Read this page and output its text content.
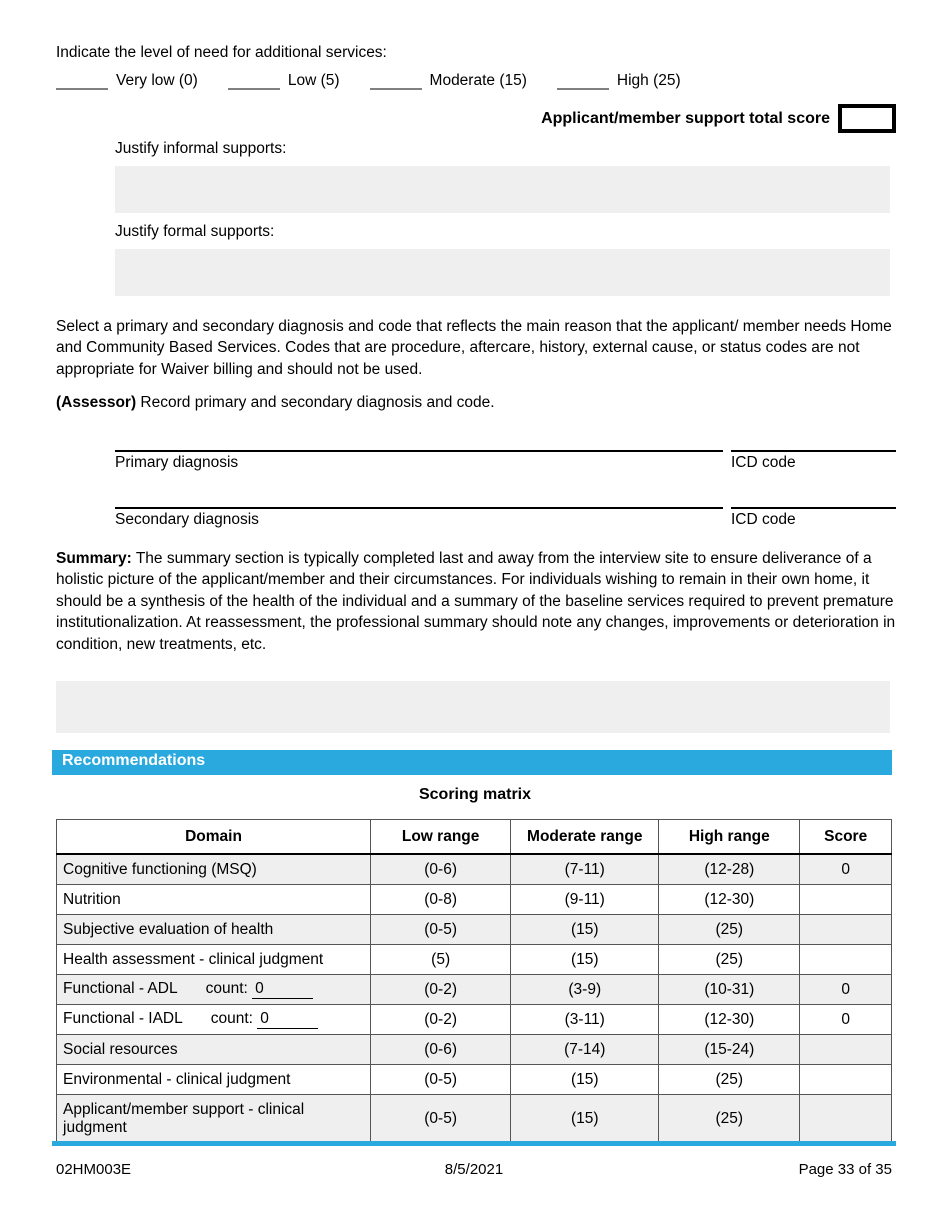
Indicate the level of need for additional services:
Very low (0)	Low (5)	Moderate (15)	High (25)
Applicant/member support total score
Justify informal supports:
Justify formal supports:
Select a primary and secondary diagnosis and code that reflects the main reason that the applicant/ member needs Home and Community Based Services. Codes that are procedure, aftercare, history, external cause, or status codes are not appropriate for Waiver billing and should not be used.
(Assessor) Record primary and secondary diagnosis and code.
Primary diagnosis	ICD code
Secondary diagnosis	ICD code
Summary: The summary section is typically completed last and away from the interview site to ensure deliverance of a holistic picture of the applicant/member and their circumstances. For individuals wishing to remain in their own home, it should be a synthesis of the health of the individual and a summary of the baseline services required to prevent premature institutionalization. At reassessment, the professional summary should note any changes, improvements or deterioration in condition, new treatments, etc.
Recommendations
Scoring matrix
Domain	Low range	Moderate range	High range	Score
Cognitive functioning (MSQ)	(0-6)	(7-11)	(12-28)	0
Nutrition	(0-8)	(9-11)	(12-30)	
Subjective evaluation of health	(0-5)	(15)	(25)	
Health assessment - clinical judgment	(5)	(15)	(25)	
Functional - ADL count: 0	(0-2)	(3-9)	(10-31)	0
Functional - IADL count: 0	(0-2)	(3-11)	(12-30)	0
Social resources	(0-6)	(7-14)	(15-24)	
Environmental - clinical judgment	(0-5)	(15)	(25)	
Applicant/member support - clinical judgment	(0-5)	(15)	(25)	
02HM003E	8/5/2021	Page 33 of 35
